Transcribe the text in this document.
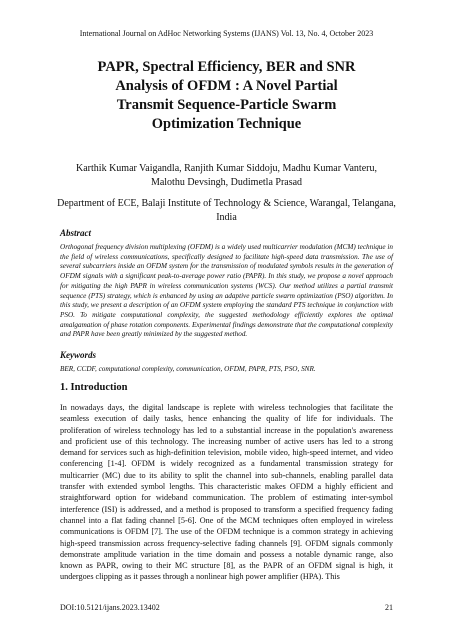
International Journal on AdHoc Networking Systems (IJANS) Vol. 13, No. 4, October 2023
PAPR, Spectral Efficiency, BER and SNR
Analysis of OFDM : A Novel Partial
Transmit Sequence-Particle Swarm
Optimization Technique
Karthik Kumar Vaigandla, Ranjith Kumar Siddoju, Madhu Kumar Vanteru,
Malothu Devsingh, Dudimetla Prasad
Department of ECE, Balaji Institute of Technology & Science, Warangal, Telangana,
India
Abstract
Orthogonal frequency division multiplexing (OFDM) is a widely used multicarrier modulation (MCM) technique in the field of wireless communications, specifically designed to facilitate high-speed data transmission. The use of several subcarriers inside an OFDM system for the transmission of modulated symbols results in the generation of OFDM signals with a significant peak-to-average power ratio (PAPR). In this study, we propose a novel approach for mitigating the high PAPR in wireless communication systems (WCS). Our method utilizes a partial transmit sequence (PTS) strategy, which is enhanced by using an adaptive particle swarm optimization (PSO) algorithm. In this study, we present a description of an OFDM system employing the standard PTS technique in conjunction with PSO. To mitigate computational complexity, the suggested methodology efficiently explores the optimal amalgamation of phase rotation components. Experimental findings demonstrate that the computational complexity and PAPR have been greatly minimized by the suggested method.
Keywords
BER, CCDF, computational complexity, communication, OFDM, PAPR, PTS, PSO, SNR.
1. Introduction
In nowadays days, the digital landscape is replete with wireless technologies that facilitate the seamless execution of daily tasks, hence enhancing the quality of life for individuals. The proliferation of wireless technology has led to a substantial increase in the population's awareness and proficient use of this technology. The increasing number of active users has led to a strong demand for services such as high-definition television, mobile video, high-speed internet, and video conferencing [1-4]. OFDM is widely recognized as a fundamental transmission strategy for multicarrier (MC) due to its ability to split the channel into sub-channels, enabling parallel data transfer with extended symbol lengths. This characteristic makes OFDM a highly efficient and straightforward option for wideband communication. The problem of estimating inter-symbol interference (ISI) is addressed, and a method is proposed to transform a specified frequency fading channel into a flat fading channel [5-6]. One of the MCM techniques often employed in wireless communications is OFDM [7]. The use of the OFDM technique is a common strategy in achieving high-speed transmission across frequency-selective fading channels [9]. OFDM signals commonly demonstrate amplitude variation in the time domain and possess a notable dynamic range, also known as PAPR, owing to their MC structure [8], as the PAPR of an OFDM signal is high, it undergoes clipping as it passes through a nonlinear high power amplifier (HPA). This
DOI:10.5121/ijans.2023.13402	21
